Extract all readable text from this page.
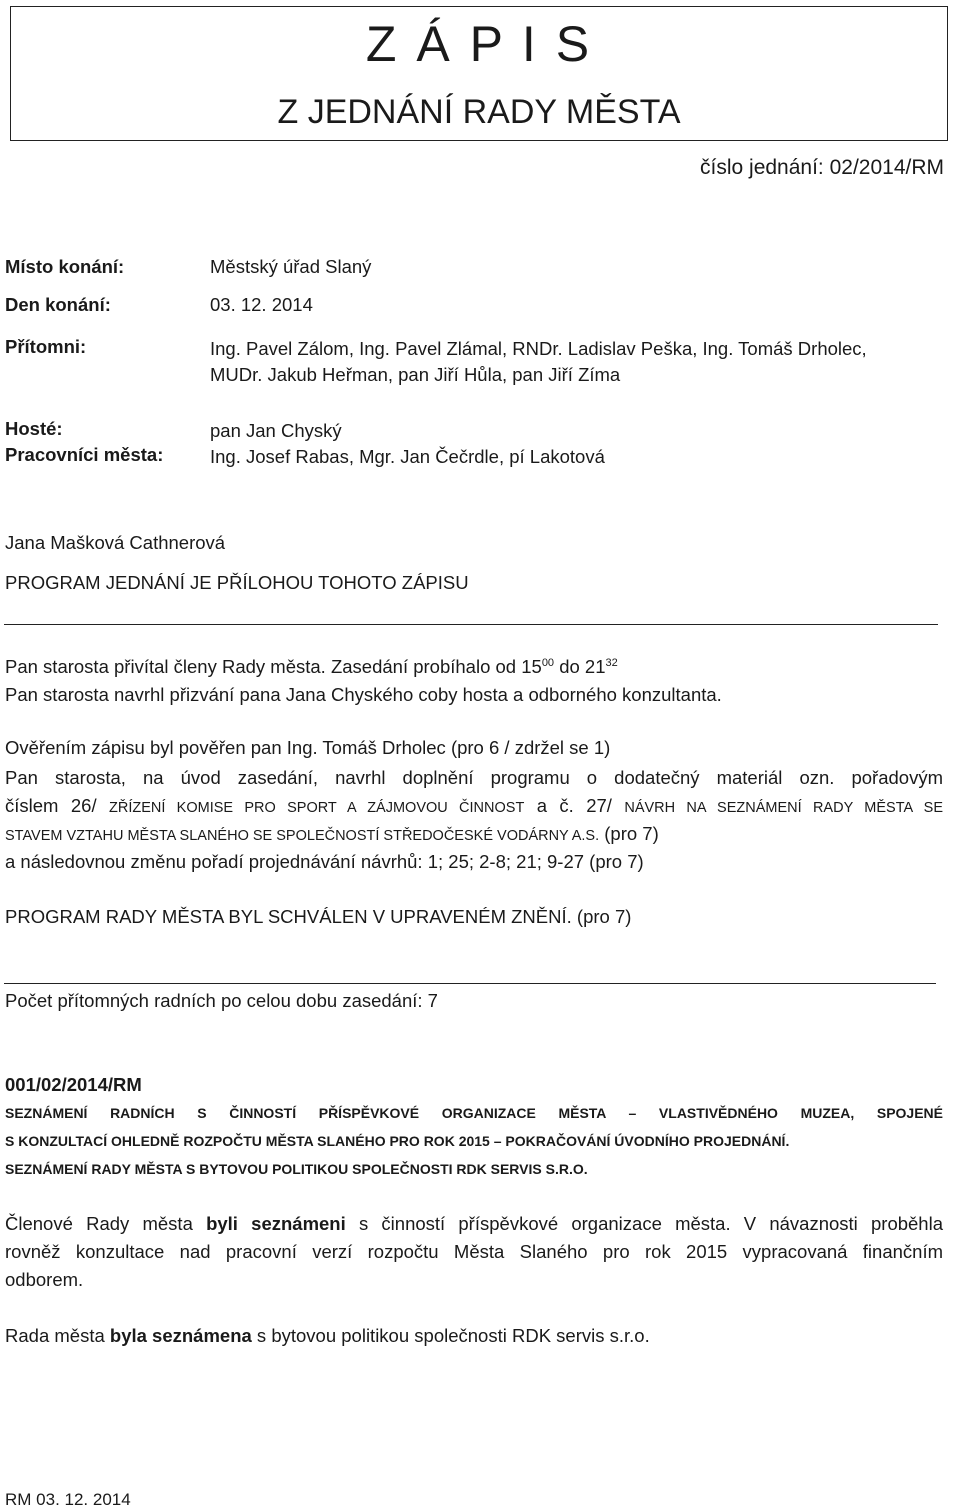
Z Á P I S
Z JEDNÁNÍ RADY MĚSTA
číslo jednání: 02/2014/RM
Místo konání:	Městský úřad Slaný
Den konání:	03. 12. 2014
Přítomni:	Ing. Pavel Zálom, Ing. Pavel Zlámal, RNDr. Ladislav Peška, Ing. Tomáš Drholec,
MUDr. Jakub Heřman, pan Jiří Hůla, pan Jiří Zíma
Hosté:	pan Jan Chyský
Pracovníci města:	Ing. Josef Rabas, Mgr. Jan Čečrdle, pí Lakotová
Jana Mašková Cathnerová
PROGRAM JEDNÁNÍ JE PŘÍLOHOU TOHOTO ZÁPISU
Pan starosta přivítal členy Rady města. Zasedání probíhalo od $15^{00}$ do $21^{32}$
Pan starosta navrhl přizvání pana Jana Chyského coby hosta a odborného konzultanta.
Ověřením zápisu byl pověřen pan Ing. Tomáš Drholec (pro 6 / zdržel se 1)
Pan starosta, na úvod zasedání, navrhl doplnění programu o dodatečný materiál ozn. pořadovým
číslem 26/ ZŘÍZENÍ KOMISE PRO SPORT A ZÁJMOVOU ČINNOST a č. 27/ NÁVRH NA SEZNÁMENÍ RADY MĚSTA SE
STAVEM VZTAHU MĚSTA SLANÉHO SE SPOLEČNOSTÍ STŘEDOČESKÉ VODÁRNY A.S. (pro 7)
a následovnou změnu pořadí projednávání návrhů: 1; 25; 2-8; 21; 9-27 (pro 7)
PROGRAM RADY MĚSTA BYL SCHVÁLEN V UPRAVENÉM ZNĚNÍ. (pro 7)
Počet přítomných radních po celou dobu zasedání: 7
001/02/2014/RM
SEZNÁMENÍ RADNÍCH S ČINNOSTÍ PŘÍSPĚVKOVÉ ORGANIZACE MĚSTA – VLASTIVĚDNÉHO MUZEA, SPOJENÉ
S KONZULTACÍ OHLEDNĚ ROZPOČTU MĚSTA SLANÉHO PRO ROK 2015 – POKRAČOVÁNÍ ÚVODNÍHO PROJEDNÁNÍ.
SEZNÁMENÍ RADY MĚSTA S BYTOVOU POLITIKOU SPOLEČNOSTI RDK SERVIS S.R.O.
Členové Rady města byli seznámeni s činností příspěvkové organizace města. V návaznosti proběhla
rovněž konzultace nad pracovní verzí rozpočtu Města Slaného pro rok 2015 vypracovaná finančním
odborem.
Rada města byla seznámena s bytovou politikou společnosti RDK servis s.r.o.
RM 03. 12. 2014
